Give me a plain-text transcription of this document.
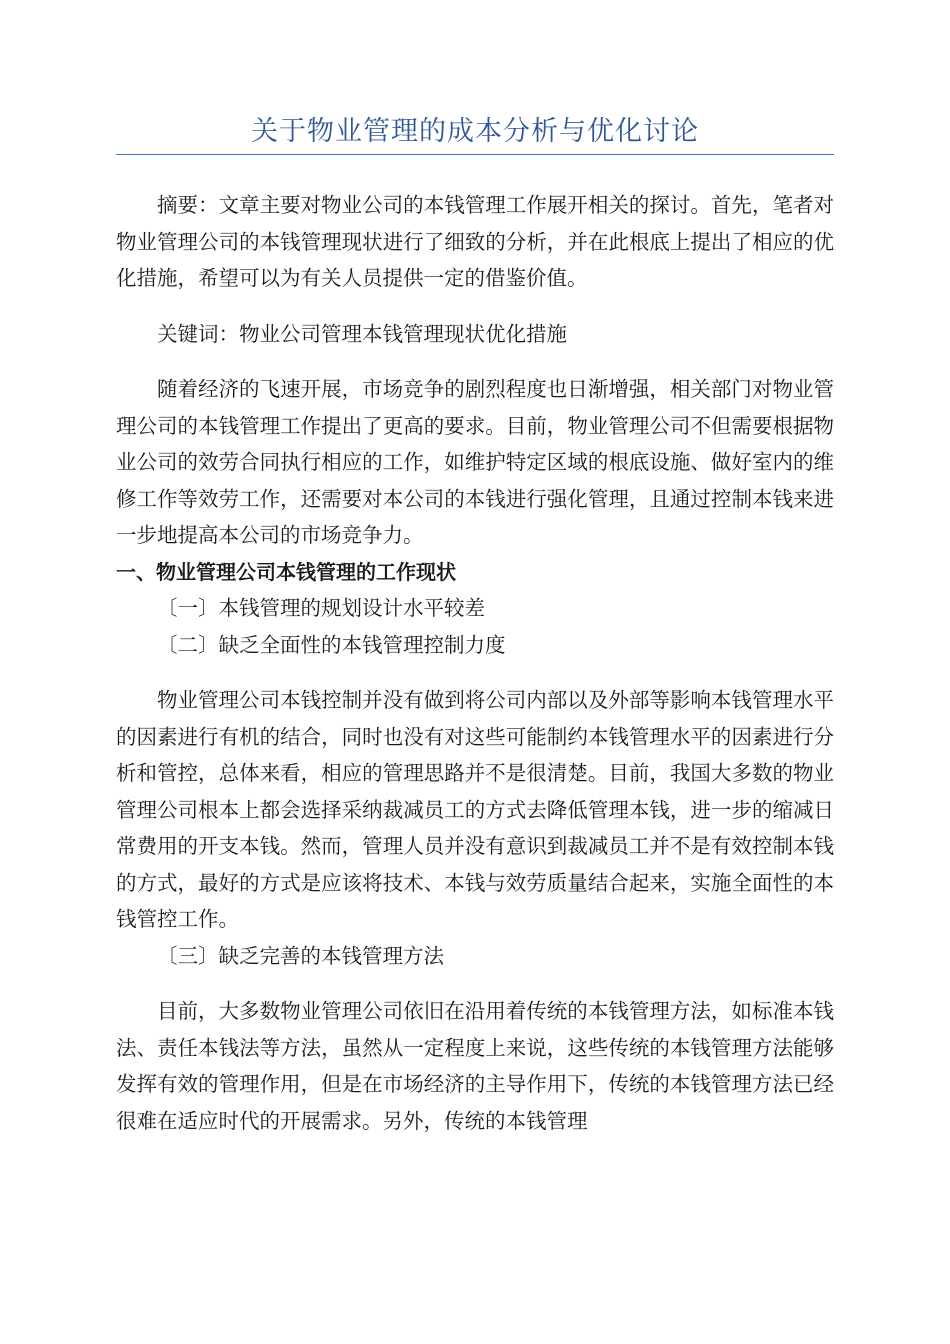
关于物业管理的成本分析与优化讨论

摘要：文章主要对物业公司的本钱管理工作展开相关的探讨。首先，笔者对物业管理公司的本钱管理现状进行了细致的分析，并在此根底上提出了相应的优化措施，希望可以为有关人员提供一定的借鉴价值。

关键词：物业公司管理本钱管理现状优化措施

随着经济的飞速开展，市场竞争的剧烈程度也日渐增强，相关部门对物业管理公司的本钱管理工作提出了更高的要求。目前，物业管理公司不但需要根据物业公司的效劳合同执行相应的工作，如维护特定区域的根底设施、做好室内的维修工作等效劳工作，还需要对本公司的本钱进行强化管理，且通过控制本钱来进一步地提高本公司的市场竞争力。

一、物业管理公司本钱管理的工作现状

〔一〕本钱管理的规划设计水平较差

〔二〕缺乏全面性的本钱管理控制力度

物业管理公司本钱控制并没有做到将公司内部以及外部等影响本钱管理水平的因素进行有机的结合，同时也没有对这些可能制约本钱管理水平的因素进行分析和管控，总体来看，相应的管理思路并不是很清楚。目前，我国大多数的物业管理公司根本上都会选择采纳裁减员工的方式去降低管理本钱，进一步的缩减日常费用的开支本钱。然而，管理人员并没有意识到裁减员工并不是有效控制本钱的方式，最好的方式是应该将技术、本钱与效劳质量结合起来，实施全面性的本钱管控工作。

〔三〕缺乏完善的本钱管理方法

目前，大多数物业管理公司依旧在沿用着传统的本钱管理方法，如标准本钱法、责任本钱法等方法，虽然从一定程度上来说，这些传统的本钱管理方法能够发挥有效的管理作用，但是在市场经济的主导作用下，传统的本钱管理方法已经很难在适应时代的开展需求。另外，传统的本钱管理
